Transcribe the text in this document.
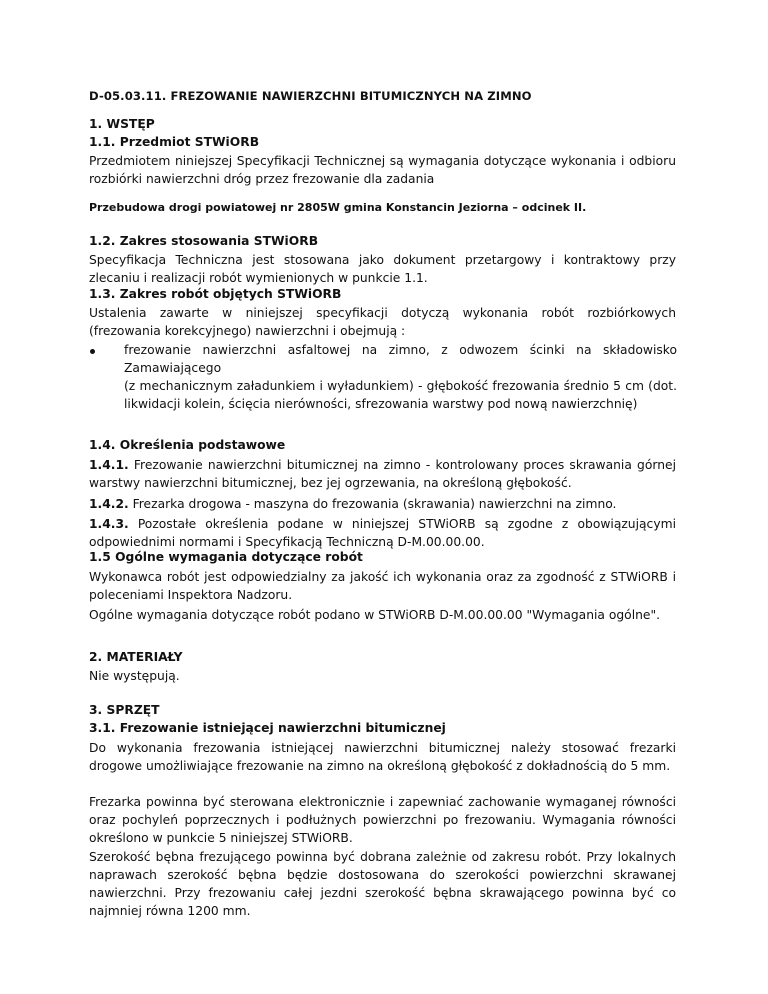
D-05.03.11. FREZOWANIE NAWIERZCHNI BITUMICZNYCH NA ZIMNO
1. WSTĘP
1.1. Przedmiot STWiORB

Przedmiotem niniejszej Specyfikacji Technicznej są wymagania dotyczące wykonania i odbioru rozbiórki nawierzchni dróg przez frezowanie dla zadania

Przebudowa drogi powiatowej nr 2805W gmina Konstancin Jeziorna – odcinek II.
1.2. Zakres stosowania STWiORB

Specyfikacja Techniczna jest stosowana jako dokument przetargowy i kontraktowy przy zlecaniu i realizacji robót wymienionych w punkcie 1.1.

1.3. Zakres robót objętych STWiORB

Ustalenia zawarte w niniejszej specyfikacji dotyczą wykonania robót rozbiórkowych (frezowania korekcyjnego) nawierzchni i obejmują :

frezowanie nawierzchni asfaltowej na zimno, z odwozem ścinki na składowisko Zamawiającego

(z mechanicznym załadunkiem i wyładunkiem) - głębokość frezowania średnio 5 cm (dot. likwidacji kolein, ścięcia nierówności, sfrezowania warstwy pod nową nawierzchnię)

1.4. Określenia podstawowe

1.4.1. Frezowanie nawierzchni bitumicznej na zimno - kontrolowany proces skrawania górnej warstwy nawierzchni bitumicznej, bez jej ogrzewania, na określoną głębokość.

1.4.2. Frezarka drogowa - maszyna do frezowania (skrawania) nawierzchni na zimno.

1.4.3. Pozostałe określenia podane w niniejszej STWiORB są zgodne z obowiązującymi odpowiednimi normami i Specyfikacją Techniczną D-M.00.00.00.

1.5 Ogólne wymagania dotyczące robót

Wykonawca robót jest odpowiedzialny za jakość ich wykonania oraz za zgodność z STWiORB i poleceniami Inspektora Nadzoru.

Ogólne wymagania dotyczące robót podano w STWiORB D-M.00.00.00 "Wymagania ogólne".

2. MATERIAŁY

Nie występują.

3. SPRZĘT
3.1. Frezowanie istniejącej nawierzchni bitumicznej

Do wykonania frezowania istniejącej nawierzchni bitumicznej należy stosować frezarki drogowe umożliwiające frezowanie na zimno na określoną głębokość z dokładnością do 5 mm.

Frezarka powinna być sterowana elektronicznie i zapewniać zachowanie wymaganej równości oraz pochyleń poprzecznych i podłużnych powierzchni po frezowaniu. Wymagania równości określono w punkcie 5 niniejszej STWiORB.

Szerokość bębna frezującego powinna być dobrana zależnie od zakresu robót. Przy lokalnych naprawach szerokość bębna będzie dostosowana do szerokości powierzchni skrawanej nawierzchni. Przy frezowaniu całej jezdni szerokość bębna skrawającego powinna być co najmniej równa 1200 mm.
